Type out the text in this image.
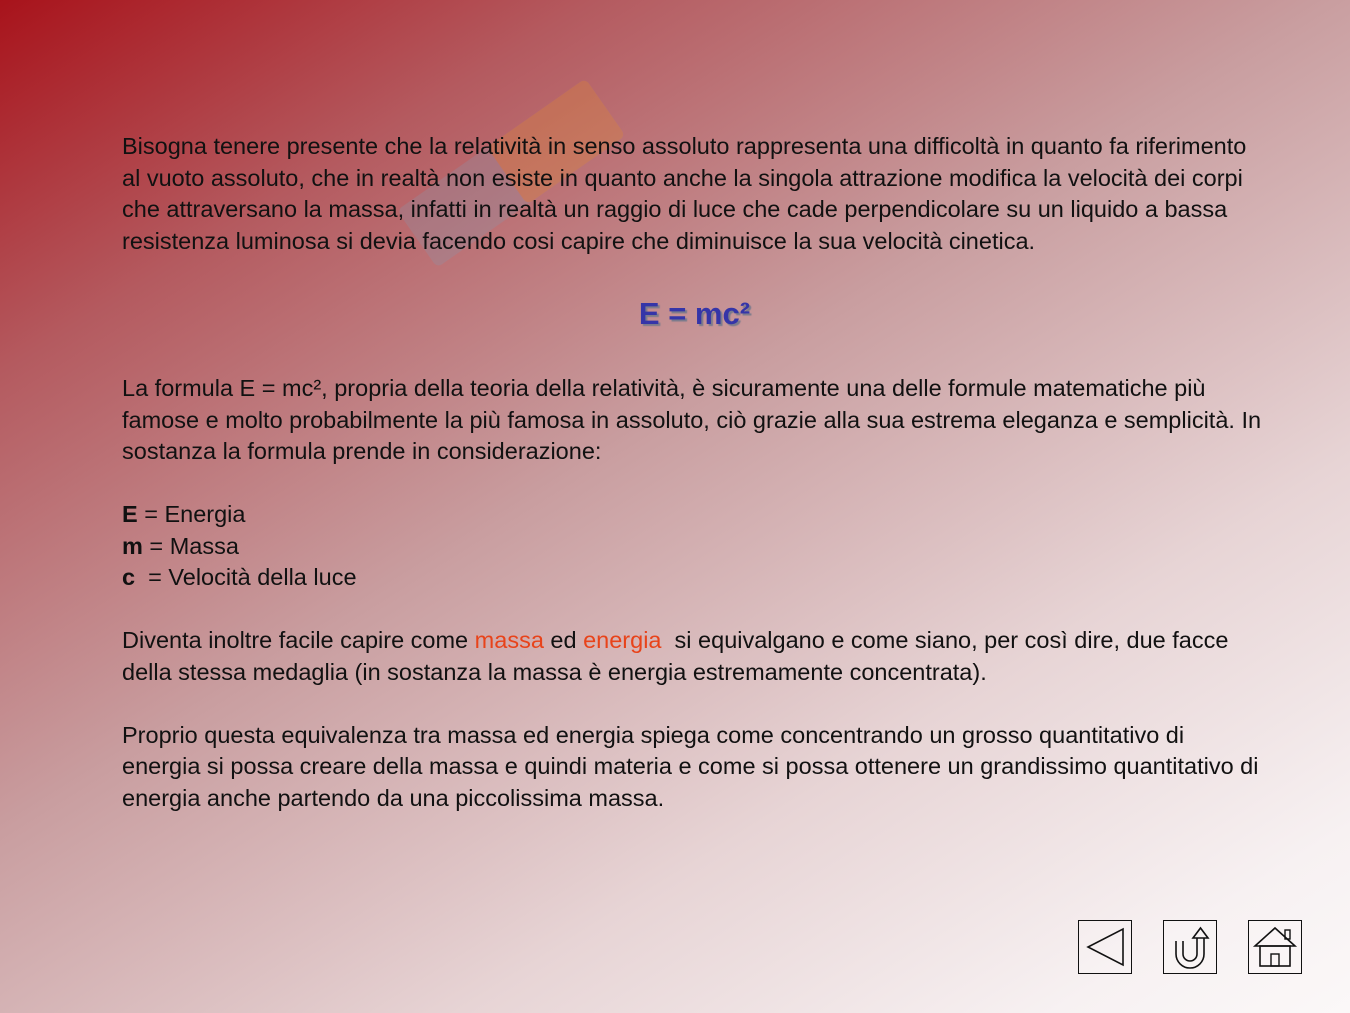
Bisogna tenere presente che la relatività in senso assoluto rappresenta una difficoltà in quanto fa riferimento al vuoto assoluto, che in realtà non esiste in quanto anche la singola attrazione modifica la velocità dei corpi che attraversano la massa, infatti in realtà un raggio di luce che cade perpendicolare su un liquido a bassa resistenza luminosa si devia facendo cosi capire che diminuisce la sua velocità cinetica.

E = mc²

La formula E = mc², propria della teoria della relatività, è sicuramente una delle formule matematiche più famose e molto probabilmente la più famosa in assoluto, ciò grazie alla sua estrema eleganza e semplicità. In sostanza la formula prende in considerazione:

E = Energia
m = Massa
c  = Velocità della luce

Diventa inoltre facile capire come massa ed energia  si equivalgano e come siano, per così dire, due facce della stessa medaglia (in sostanza la massa è energia estremamente concentrata).

Proprio questa equivalenza tra massa ed energia spiega come concentrando un grosso quantitativo di energia si possa creare della massa e quindi materia e come si possa ottenere un grandissimo quantitativo di energia anche partendo da una piccolissima massa.
